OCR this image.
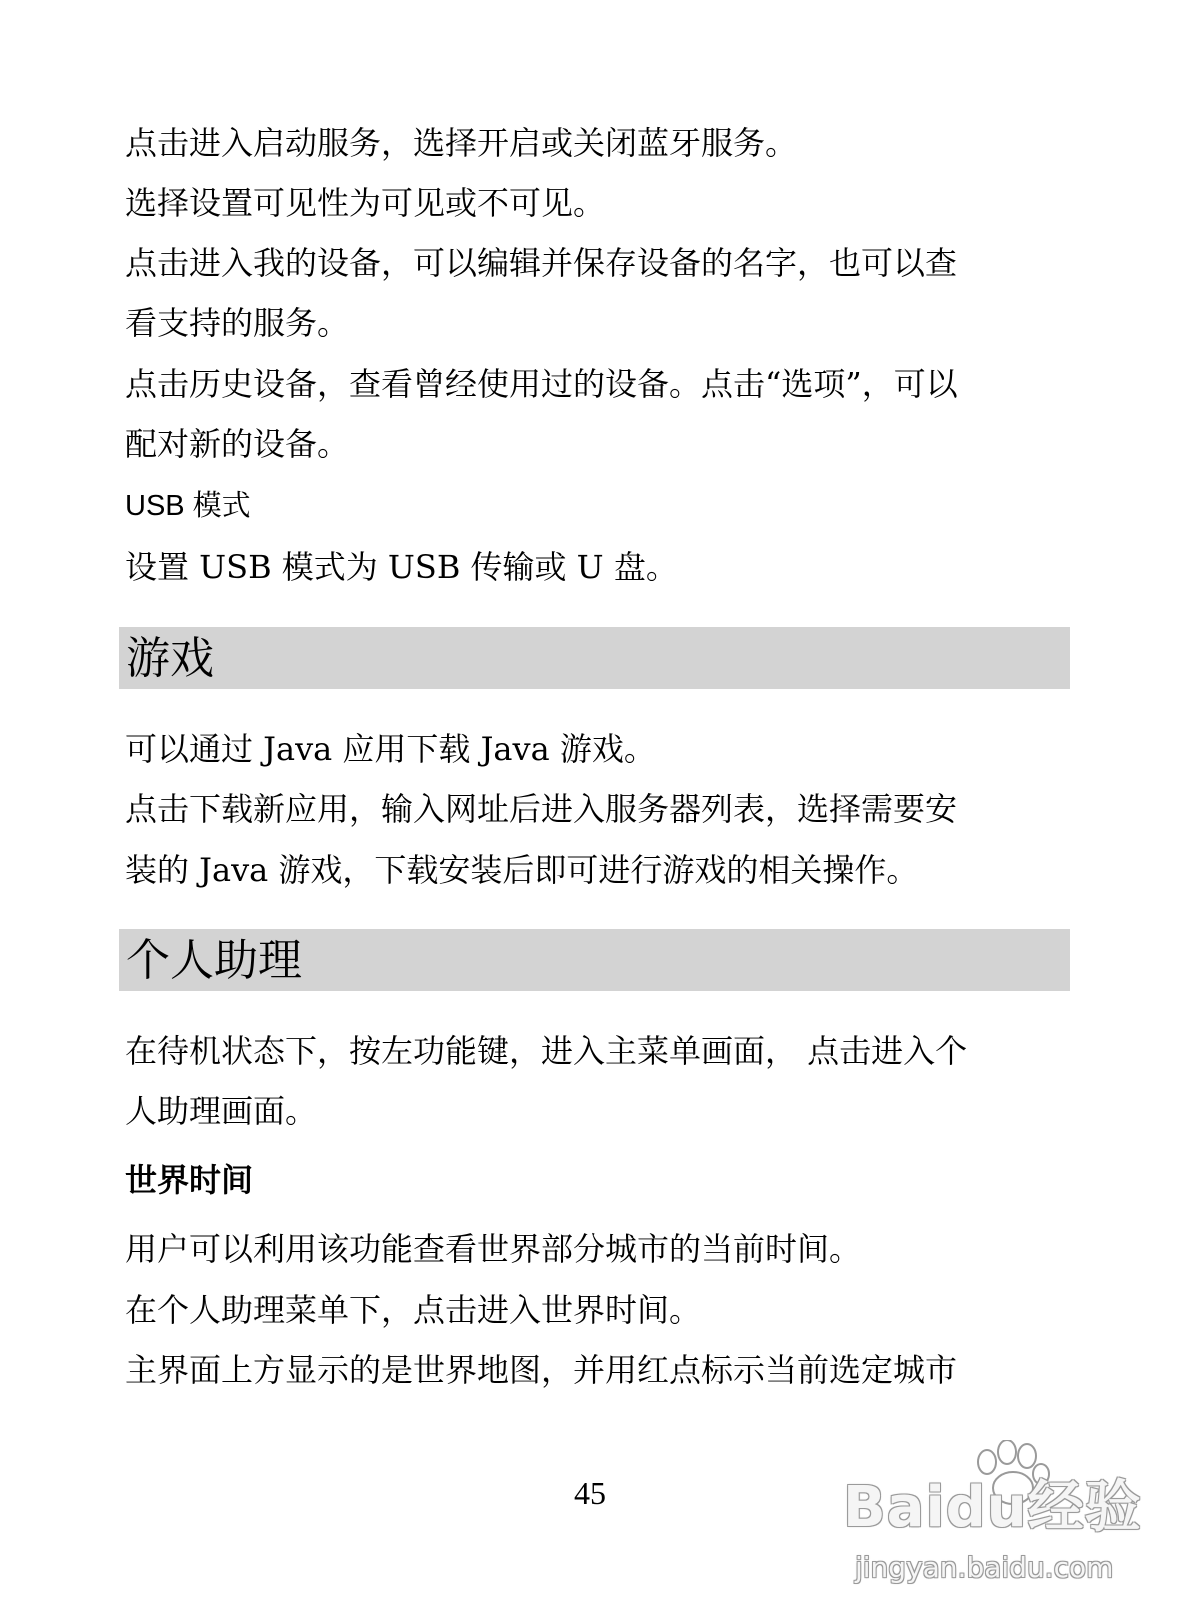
点击进入启动服务，选择开启或关闭蓝牙服务。
选择设置可见性为可见或不可见。
点击进入我的设备，可以编辑并保存设备的名字，也可以查
看支持的服务。
点击历史设备，查看曾经使用过的设备。点击“选项”，可以
配对新的设备。
USB 模式
设置 USB 模式为 USB 传输或 U 盘。
游戏
可以通过 Java 应用下载 Java 游戏。
点击下载新应用，输入网址后进入服务器列表，选择需要安
装的 Java 游戏，下载安装后即可进行游戏的相关操作。
个人助理
在待机状态下，按左功能键，进入主菜单画面， 点击进入个
人助理画面。
世界时间
用户可以利用该功能查看世界部分城市的当前时间。
在个人助理菜单下，点击进入世界时间。
主界面上方显示的是世界地图，并用红点标示当前选定城市
45	Baidu经验
jingyan.baidu.com
